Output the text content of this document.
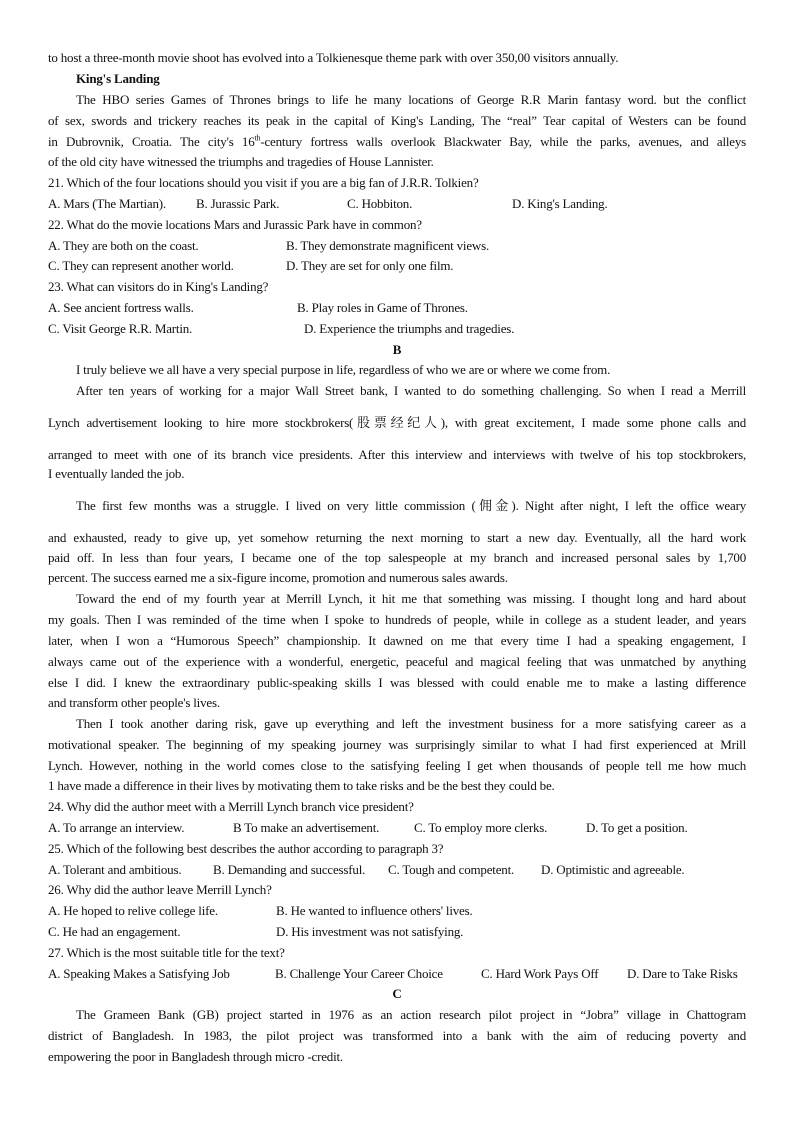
to host a three-month movie shoot has evolved into a Tolkienesque theme park with over 350,00 visitors annually.
King's Landing
The HBO series Games of Thrones brings to life he many locations of George R.R Marin fantasy word. but the conflict
of sex, swords and trickery reaches its peak in the capital of King's Landing, The “real” Tear capital of Westers can be found
in Dubrovnik, Croatia. The city's 16th-century fortress walls overlook Blackwater Bay, while the parks, avenues, and alleys
of the old city have witnessed the triumphs and tragedies of House Lannister.
21. Which of the four locations should you visit if you are a big fan of J.R.R. Tolkien?
A. Mars (The Martian). B. Jurassic Park.	C. Hobbiton.	D. King's Landing.
22. What do the movie locations Mars and Jurassic Park have in common?
A. They are both on the coast.	B. They demonstrate magnificent views.
C. They can represent another world.	D. They are set for only one film.
23. What can visitors do in King's Landing?
A. See ancient fortress walls.	B. Play roles in Game of Thrones.
C. Visit George R.R. Martin.	D. Experience the triumphs and tragedies.
B
I truly believe we all have a very special purpose in life, regardless of who we are or where we come from.
After ten years of working for a major Wall Street bank, I wanted to do something challenging. So when I read a Merrill
Lynch advertisement looking to hire more stockbrokers(股票经纪人), with great excitement, I made some phone calls and
arranged to meet with one of its branch vice presidents. After this interview and interviews with twelve of his top stockbrokers,
I eventually landed the job.
The first few months was a struggle. I lived on very little commission (佣金). Night after night, I left the office weary
and exhausted, ready to give up, yet somehow returning the next morning to start a new day. Eventually, all the hard work
paid off. In less than four years, I became one of the top salespeople at my branch and increased personal sales by 1,700
percent. The success earned me a six-figure income, promotion and numerous sales awards.
Toward the end of my fourth year at Merrill Lynch, it hit me that something was missing. I thought long and hard about
my goals. Then I was reminded of the time when I spoke to hundreds of people, while in college as a student leader, and years
later, when I won a “Humorous Speech” championship. It dawned on me that every time I had a speaking engagement, I
always came out of the experience with a wonderful, energetic, peaceful and magical feeling that was unmatched by anything
else I did. I knew the extraordinary public-speaking skills I was blessed with could enable me to make a lasting difference
and transform other people's lives.
Then I took another daring risk, gave up everything and left the investment business for a more satisfying career as a
motivational speaker. The beginning of my speaking journey was surprisingly similar to what I had first experienced at Mrill
Lynch. However, nothing in the world comes close to the satisfying feeling I get when thousands of people tell me how much
1 have made a difference in their lives by motivating them to take risks and be the best they could be.
24. Why did the author meet with a Merrill Lynch branch vice president?
A. To arrange an interview.	B To make an advertisement.	C. To employ more clerks.	D. To get a position.
25. Which of the following best describes the author according to paragraph 3?
A. Tolerant and ambitious. B. Demanding and successful. C. Tough and competent. D. Optimistic and agreeable.
26. Why did the author leave Merrill Lynch?
A. He hoped to relive college life.	B. He wanted to influence others' lives.
C. He had an engagement.	D. His investment was not satisfying.
27. Which is the most suitable title for the text?
A. Speaking Makes a Satisfying Job	B. Challenge Your Career Choice	C. Hard Work Pays Off D. Dare to Take Risks
C
The Grameen Bank (GB) project started in 1976 as an action research pilot project in “Jobra” village in Chattogram
district of Bangladesh. In 1983, the pilot project was transformed into a bank with the aim of reducing poverty and
empowering the poor in Bangladesh through micro -credit.
